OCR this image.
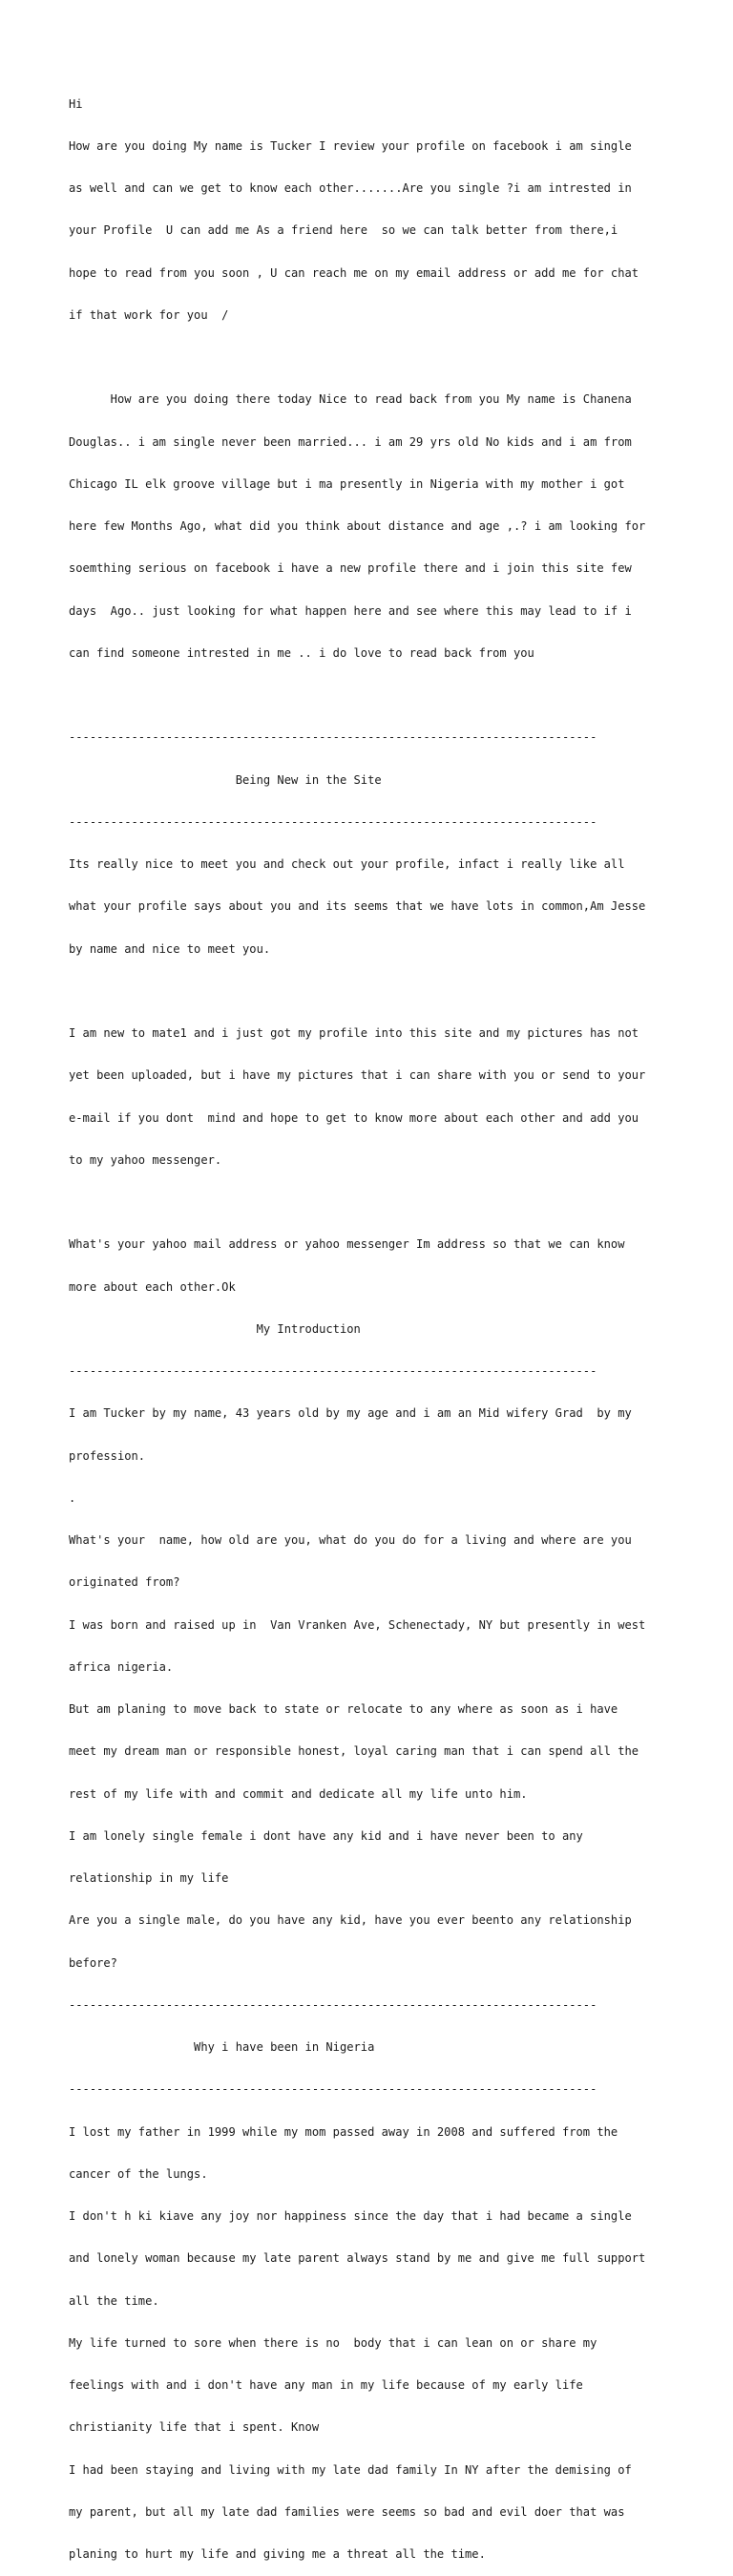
Hi

How are you doing My name is Tucker I review your profile on facebook i am single

as well and can we get to know each other.......Are you single ?i am intrested in

your Profile  U can add me As a friend here  so we can talk better from there,i

hope to read from you soon , U can reach me on my email address or add me for chat

if that work for you  /

How are you doing there today Nice to read back from you My name is Chanena

Douglas.. i am single never been married... i am 29 yrs old No kids and i am from

Chicago IL elk groove village but i ma presently in Nigeria with my mother i got

here few Months Ago, what did you think about distance and age ,.? i am looking for

soemthing serious on facebook i have a new profile there and i join this site few

days  Ago.. just looking for what happen here and see where this may lead to if i

can find someone intrested in me .. i do love to read back from you

----------------------------------------------------------------------------

Being New in the Site

----------------------------------------------------------------------------

Its really nice to meet you and check out your profile, infact i really like all

what your profile says about you and its seems that we have lots in common,Am Jesse

by name and nice to meet you.

I am new to mate1 and i just got my profile into this site and my pictures has not

yet been uploaded, but i have my pictures that i can share with you or send to your

e-mail if you dont  mind and hope to get to know more about each other and add you

to my yahoo messenger.

What's your yahoo mail address or yahoo messenger Im address so that we can know

more about each other.Ok

My Introduction

----------------------------------------------------------------------------

I am Tucker by my name, 43 years old by my age and i am an Mid wifery Grad  by my

profession.

.

What's your  name, how old are you, what do you do for a living and where are you

originated from?

I was born and raised up in  Van Vranken Ave, Schenectady, NY but presently in west

africa nigeria.

But am planing to move back to state or relocate to any where as soon as i have

meet my dream man or responsible honest, loyal caring man that i can spend all the

rest of my life with and commit and dedicate all my life unto him.

I am lonely single female i dont have any kid and i have never been to any

relationship in my life

Are you a single male, do you have any kid, have you ever beento any relationship

before?

----------------------------------------------------------------------------

Why i have been in Nigeria

----------------------------------------------------------------------------

I lost my father in 1999 while my mom passed away in 2008 and suffered from the

cancer of the lungs.

I don't h ki kiave any joy nor happiness since the day that i had became a single

and lonely woman because my late parent always stand by me and give me full support

all the time.

My life turned to sore when there is no  body that i can lean on or share my

feelings with and i don't have any man in my life because of my early life

christianity life that i spent. Know

I had been staying and living with my late dad family In NY after the demising of

my parent, but all my late dad families were seems so bad and evil doer that was

planing to hurt my life and giving me a threat all the time.
